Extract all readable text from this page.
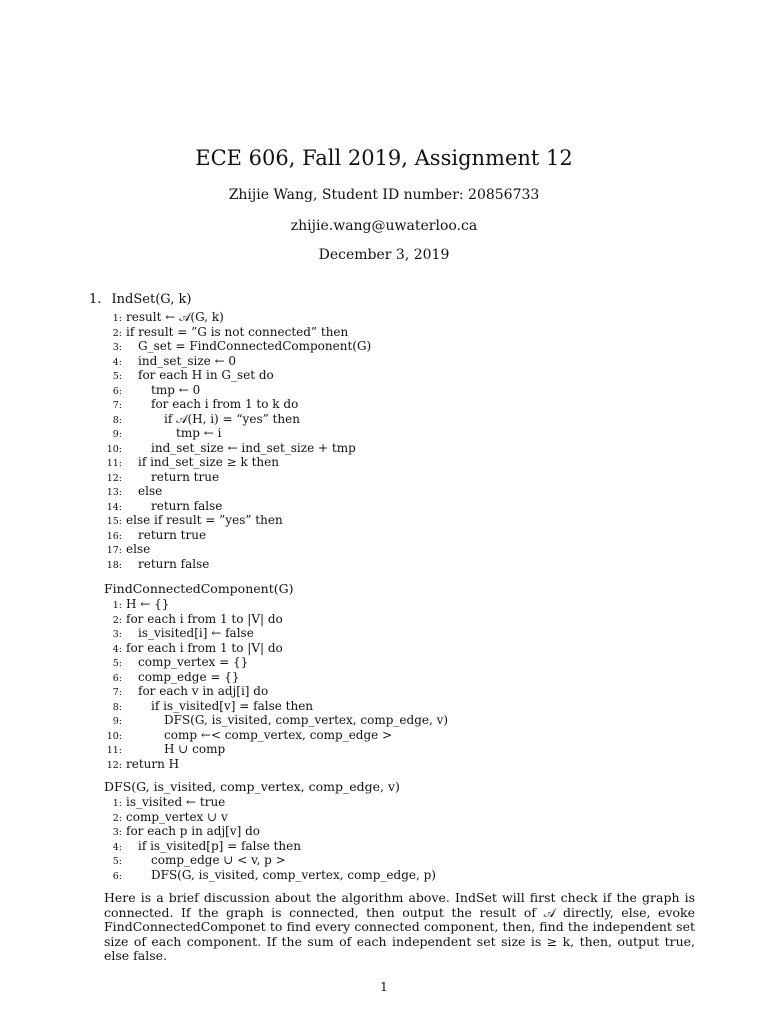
ECE 606, Fall 2019, Assignment 12
Zhijie Wang, Student ID number: 20856733
zhijie.wang@uwaterloo.ca
December 3, 2019
1. IndSet(G, k)
1: result ← 𝒜(G, k)
2: if result = ”G is not connected” then
3: G_set = FindConnectedComponent(G)
4: ind_set_size ← 0
5: for each H in G_set do
6: tmp ← 0
7: for each i from 1 to k do
8:	if 𝒜(H, i) = “yes” then
9:	tmp ← i
10: ind_set_size ← ind_set_size + tmp
11: if ind_set_size ≥ k then
12: return true
13: else
14: return false
15: else if result = ”yes” then
16: return true
17: else
18: return false
FindConnectedComponent(G)
1: H ← {}
2: for each i from 1 to |V| do
3: is_visited[i] ← false
4: for each i from 1 to |V| do
5: comp_vertex = {}
6: comp_edge = {}
7: for each v in adj[i] do
8: if is_visited[v] = false then
9:	DFS(G, is_visited, comp_vertex, comp_edge, v)
10:	comp ←< comp_vertex, comp_edge >
11:	H ∪ comp
12: return H
DFS(G, is_visited, comp_vertex, comp_edge, v)
1: is_visited ← true
2: comp_vertex ∪ v
3: for each p in adj[v] do
4: if is_visited[p] = false then
5: comp_edge ∪ < v, p >
6: DFS(G, is_visited, comp_vertex, comp_edge, p)
Here is a brief discussion about the algorithm above. IndSet will first check if the graph is connected. If the graph is connected, then output the result of 𝒜 directly, else, evoke FindConnectedComponet to find every connected component, then, find the independent set size of each component. If the sum of each independent set size is ≥ k, then, output true, else false.
1
